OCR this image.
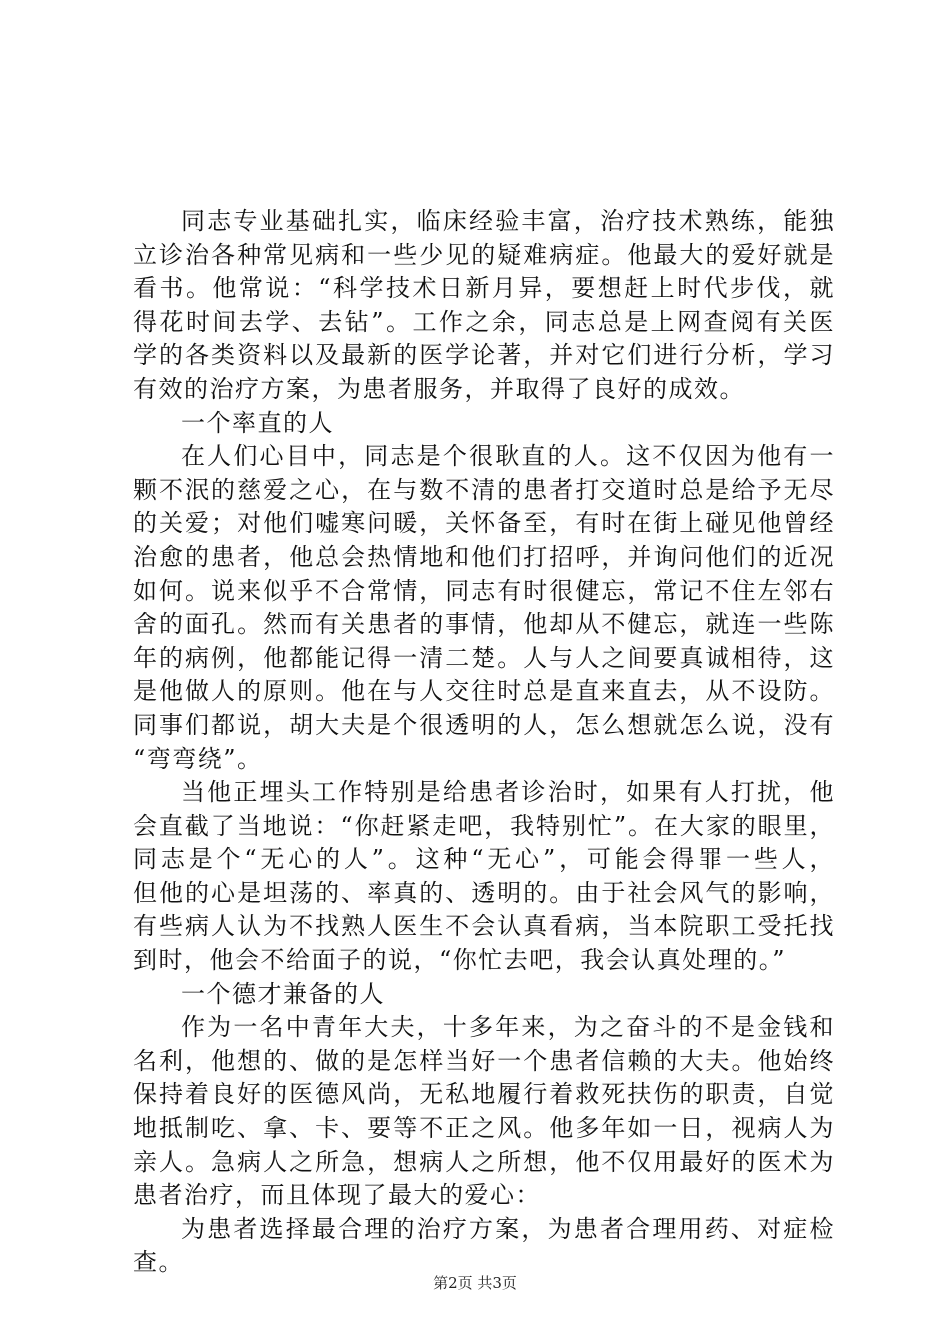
同志专业基础扎实，临床经验丰富，治疗技术熟练，能独
立诊治各种常见病和一些少见的疑难病症。他最大的爱好就是
看书。他常说：“科学技术日新月异，要想赶上时代步伐，就
得花时间去学、去钻”。工作之余，同志总是上网查阅有关医
学的各类资料以及最新的医学论著，并对它们进行分析，学习
有效的治疗方案，为患者服务，并取得了良好的成效。
一个率直的人
在人们心目中，同志是个很耿直的人。这不仅因为他有一
颗不泯的慈爱之心，在与数不清的患者打交道时总是给予无尽
的关爱；对他们嘘寒问暖，关怀备至，有时在街上碰见他曾经
治愈的患者，他总会热情地和他们打招呼，并询问他们的近况
如何。说来似乎不合常情，同志有时很健忘，常记不住左邻右
舍的面孔。然而有关患者的事情，他却从不健忘，就连一些陈
年的病例，他都能记得一清二楚。人与人之间要真诚相待，这
是他做人的原则。他在与人交往时总是直来直去，从不设防。
同事们都说，胡大夫是个很透明的人，怎么想就怎么说，没有
“弯弯绕”。
当他正埋头工作特别是给患者诊治时，如果有人打扰，他
会直截了当地说：“你赶紧走吧，我特别忙”。在大家的眼里，
同志是个“无心的人”。这种“无心”，可能会得罪一些人，
但他的心是坦荡的、率真的、透明的。由于社会风气的影响，
有些病人认为不找熟人医生不会认真看病，当本院职工受托找
到时，他会不给面子的说，“你忙去吧，我会认真处理的。”
一个德才兼备的人
作为一名中青年大夫，十多年来，为之奋斗的不是金钱和
名利，他想的、做的是怎样当好一个患者信赖的大夫。他始终
保持着良好的医德风尚，无私地履行着救死扶伤的职责，自觉
地抵制吃、拿、卡、要等不正之风。他多年如一日，视病人为
亲人。急病人之所急，想病人之所想，他不仅用最好的医术为
患者治疗，而且体现了最大的爱心：
为患者选择最合理的治疗方案，为患者合理用药、对症检
查。
第2页 共3页
